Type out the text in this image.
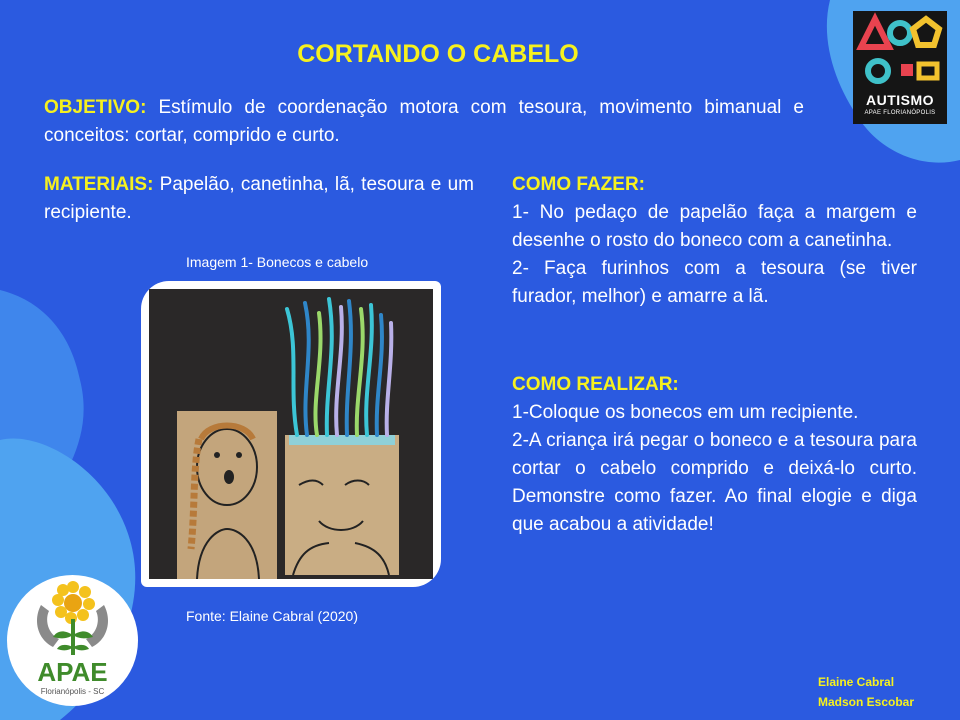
CORTANDO O CABELO
OBJETIVO: Estímulo de coordenação motora com tesoura, movimento bimanual e conceitos: cortar, comprido e curto.
MATERIAIS: Papelão, canetinha, lã, tesoura e um recipiente.
COMO FAZER:
1- No pedaço de papelão faça a margem e desenhe o rosto do boneco com a canetinha.
2- Faça furinhos com a tesoura (se tiver furador, melhor) e amarre a lã.
COMO REALIZAR:
1-Coloque os bonecos em um recipiente.
2-A criança irá pegar o boneco e a tesoura para cortar o cabelo comprido e deixá-lo curto. Demonstre como fazer. Ao final elogie e diga que acabou a atividade!
Imagem 1- Bonecos e cabelo
Fonte: Elaine Cabral (2020)
AUTISMO
APAE FLORIANÓPOLIS
APAE
Florianópolis - SC
Elaine Cabral
Madson Escobar
